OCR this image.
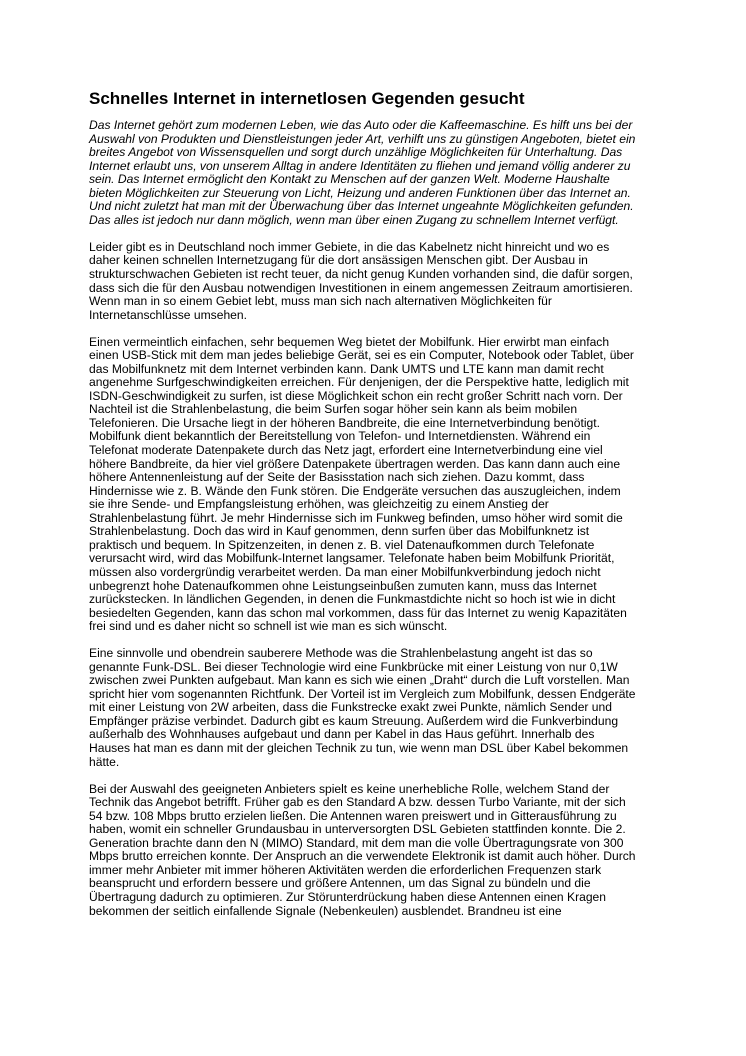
Schnelles Internet in internetlosen Gegenden gesucht
Das Internet gehört zum modernen Leben, wie das Auto oder die Kaffeemaschine. Es hilft uns bei der
Auswahl von Produkten und Dienstleistungen jeder Art, verhilft uns zu günstigen Angeboten, bietet ein
breites Angebot von Wissensquellen und sorgt durch unzählige Möglichkeiten für Unterhaltung. Das
Internet erlaubt uns, von unserem Alltag in andere Identitäten zu fliehen und jemand völlig anderer zu
sein. Das Internet ermöglicht den Kontakt zu Menschen auf der ganzen Welt. Moderne Haushalte
bieten Möglichkeiten zur Steuerung von Licht, Heizung und anderen Funktionen über das Internet an.
Und nicht zuletzt hat man mit der Überwachung über das Internet ungeahnte Möglichkeiten gefunden.
Das alles ist jedoch nur dann möglich, wenn man über einen Zugang zu schnellem Internet verfügt.
Leider gibt es in Deutschland noch immer Gebiete, in die das Kabelnetz nicht hinreicht und wo es
daher keinen schnellen Internetzugang für die dort ansässigen Menschen gibt. Der Ausbau in
strukturschwachen Gebieten ist recht teuer, da nicht genug Kunden vorhanden sind, die dafür sorgen,
dass sich die für den Ausbau notwendigen Investitionen in einem angemessen Zeitraum amortisieren.
Wenn man in so einem Gebiet lebt, muss man sich nach alternativen Möglichkeiten für
Internetanschlüsse umsehen.
Einen vermeintlich einfachen, sehr bequemen Weg bietet der Mobilfunk. Hier erwirbt man einfach
einen USB-Stick mit dem man jedes beliebige Gerät, sei es ein Computer, Notebook oder Tablet, über
das Mobilfunknetz mit dem Internet verbinden kann. Dank UMTS und LTE kann man damit recht
angenehme Surfgeschwindigkeiten erreichen. Für denjenigen, der die Perspektive hatte, lediglich mit
ISDN-Geschwindigkeit zu surfen, ist diese Möglichkeit schon ein recht großer Schritt nach vorn. Der
Nachteil ist die Strahlenbelastung, die beim Surfen sogar höher sein kann als beim mobilen
Telefonieren. Die Ursache liegt in der höheren Bandbreite, die eine Internetverbindung benötigt.
Mobilfunk dient bekanntlich der Bereitstellung von Telefon- und Internetdiensten. Während ein
Telefonat moderate Datenpakete durch das Netz jagt, erfordert eine Internetverbindung eine viel
höhere Bandbreite, da hier viel größere Datenpakete übertragen werden. Das kann dann auch eine
höhere Antennenleistung auf der Seite der Basisstation nach sich ziehen. Dazu kommt, dass
Hindernisse wie z. B. Wände den Funk stören. Die Endgeräte versuchen das auszugleichen, indem
sie ihre Sende- und Empfangsleistung erhöhen, was gleichzeitig zu einem Anstieg der
Strahlenbelastung führt. Je mehr Hindernisse sich im Funkweg befinden, umso höher wird somit die
Strahlenbelastung. Doch das wird in Kauf genommen, denn surfen über das Mobilfunknetz ist
praktisch und bequem. In Spitzenzeiten, in denen z. B. viel Datenaufkommen durch Telefonate
verursacht wird, wird das Mobilfunk-Internet langsamer. Telefonate haben beim Mobilfunk Priorität,
müssen also vordergründig verarbeitet werden. Da man einer Mobilfunkverbindung jedoch nicht
unbegrenzt hohe Datenaufkommen ohne Leistungseinbußen zumuten kann, muss das Internet
zurückstecken. In ländlichen Gegenden, in denen die Funkmastdichte nicht so hoch ist wie in dicht
besiedelten Gegenden, kann das schon mal vorkommen, dass für das Internet zu wenig Kapazitäten
frei sind und es daher nicht so schnell ist wie man es sich wünscht.
Eine sinnvolle und obendrein sauberere Methode was die Strahlenbelastung angeht ist das so
genannte Funk-DSL. Bei dieser Technologie wird eine Funkbrücke mit einer Leistung von nur 0,1W
zwischen zwei Punkten aufgebaut. Man kann es sich wie einen „Draht“ durch die Luft vorstellen. Man
spricht hier vom sogenannten Richtfunk. Der Vorteil ist im Vergleich zum Mobilfunk, dessen Endgeräte
mit einer Leistung von 2W arbeiten, dass die Funkstrecke exakt zwei Punkte, nämlich Sender und
Empfänger präzise verbindet. Dadurch gibt es kaum Streuung. Außerdem wird die Funkverbindung
außerhalb des Wohnhauses aufgebaut und dann per Kabel in das Haus geführt. Innerhalb des
Hauses hat man es dann mit der gleichen Technik zu tun, wie wenn man DSL über Kabel bekommen
hätte.
Bei der Auswahl des geeigneten Anbieters spielt es keine unerhebliche Rolle, welchem Stand der
Technik das Angebot betrifft. Früher gab es den Standard A bzw. dessen Turbo Variante, mit der sich
54 bzw. 108 Mbps brutto erzielen ließen. Die Antennen waren preiswert und in Gitterausführung zu
haben, womit ein schneller Grundausbau in unterversorgten DSL Gebieten stattfinden konnte. Die 2.
Generation brachte dann den N (MIMO) Standard, mit dem man die volle Übertragungsrate von 300
Mbps brutto erreichen konnte. Der Anspruch an die verwendete Elektronik ist damit auch höher. Durch
immer mehr Anbieter mit immer höheren Aktivitäten werden die erforderlichen Frequenzen stark
beansprucht und erfordern bessere und größere Antennen, um das Signal zu bündeln und die
Übertragung dadurch zu optimieren. Zur Störunterdrückung haben diese Antennen einen Kragen
bekommen der seitlich einfallende Signale (Nebenkeulen) ausblendet. Brandneu ist eine
